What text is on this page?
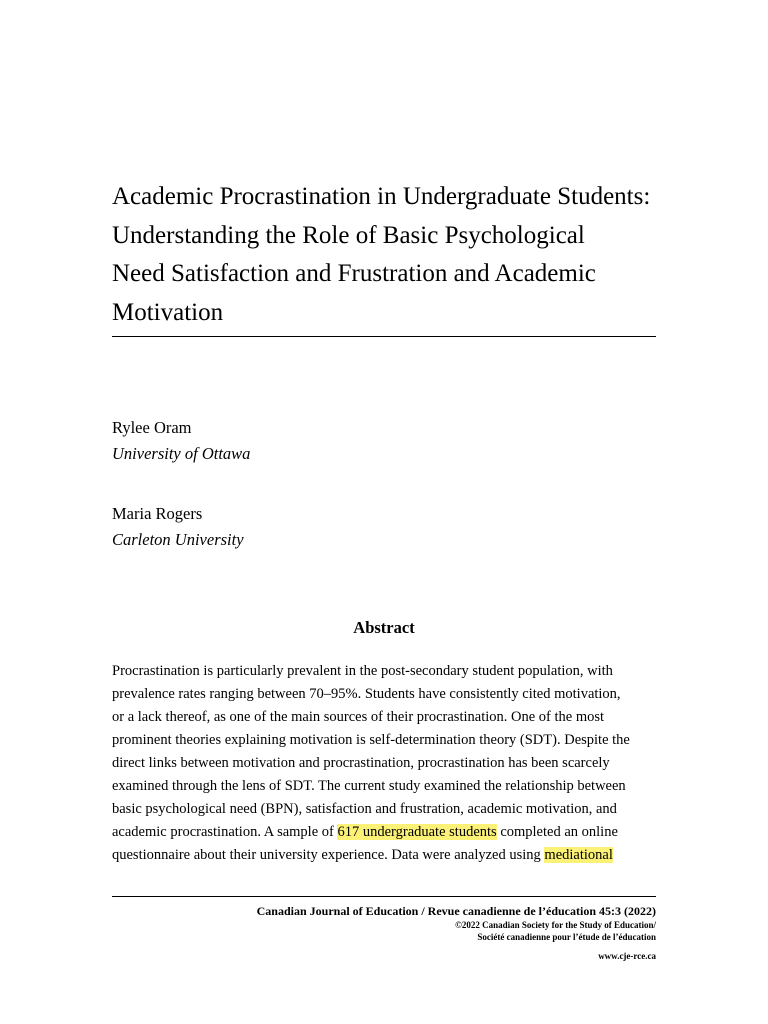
Academic Procrastination in Undergraduate Students:
Understanding the Role of Basic Psychological
Need Satisfaction and Frustration and Academic
Motivation

Rylee Oram
University of Ottawa

Maria Rogers
Carleton University

Abstract

Procrastination is particularly prevalent in the post-secondary student population, with
prevalence rates ranging between 70–95%. Students have consistently cited motivation,
or a lack thereof, as one of the main sources of their procrastination. One of the most
prominent theories explaining motivation is self-determination theory (SDT). Despite the
direct links between motivation and procrastination, procrastination has been scarcely
examined through the lens of SDT. The current study examined the relationship between
basic psychological need (BPN), satisfaction and frustration, academic motivation, and
academic procrastination. A sample of 617 undergraduate students completed an online
questionnaire about their university experience. Data were analyzed using mediational

Canadian Journal of Education / Revue canadienne de l’éducation 45:3 (2022)
©2022 Canadian Society for the Study of Education/
Société canadienne pour l’étude de l’éducation
www.cje-rce.ca
